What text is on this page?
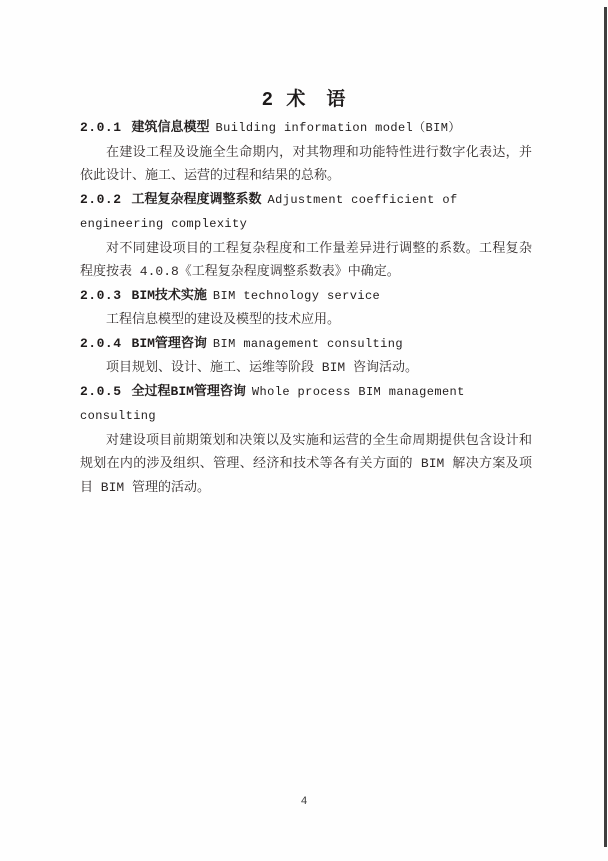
2 术　语
2.0.1 建筑信息模型 Building information model（BIM）
在建设工程及设施全生命期内，对其物理和功能特性进行数字化表达，并依此设计、施工、运营的过程和结果的总称。
2.0.2 工程复杂程度调整系数 Adjustment coefficient of engineering complexity
对不同建设项目的工程复杂程度和工作量差异进行调整的系数。工程复杂程度按表 4.0.8《工程复杂程度调整系数表》中确定。
2.0.3 BIM技术实施 BIM technology service
工程信息模型的建设及模型的技术应用。
2.0.4 BIM管理咨询 BIM management consulting
项目规划、设计、施工、运维等阶段 BIM 咨询活动。
2.0.5 全过程BIM管理咨询 Whole process BIM management consulting
对建设项目前期策划和决策以及实施和运营的全生命周期提供包含设计和规划在内的涉及组织、管理、经济和技术等各有关方面的 BIM 解决方案及项目 BIM 管理的活动。
4
